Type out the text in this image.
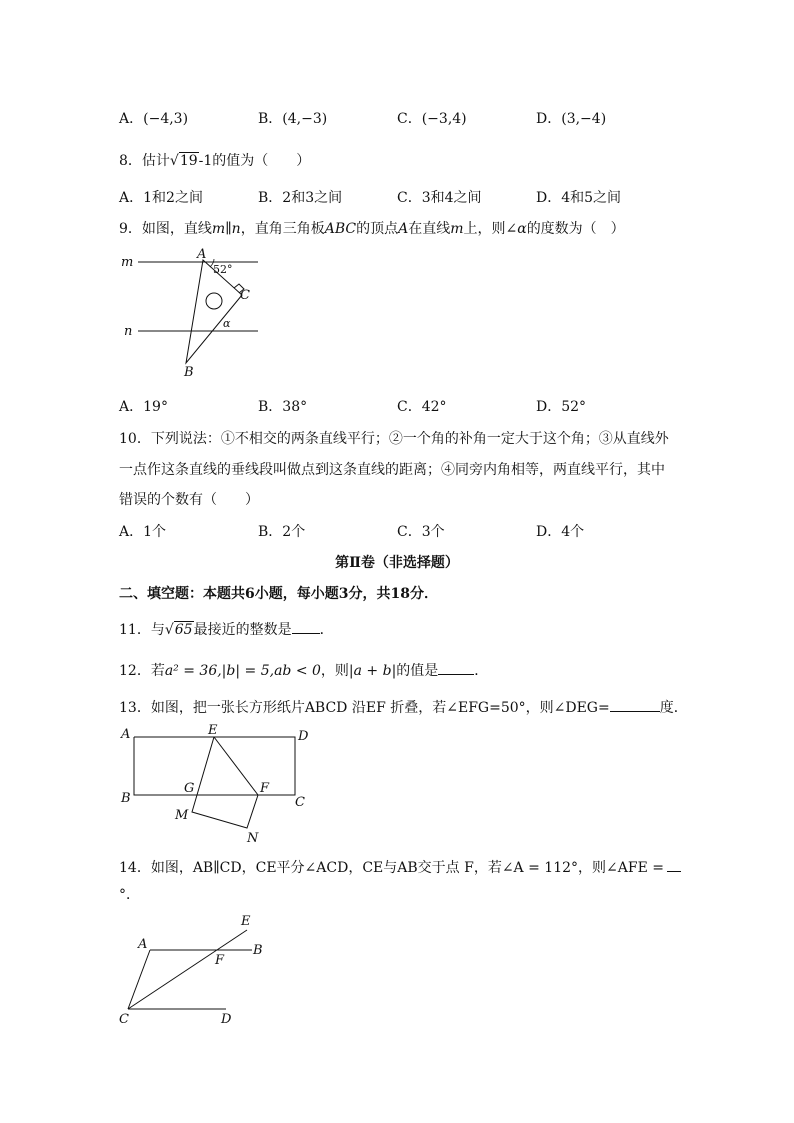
A．(−4,3)	B．(4,−3)	C．(−3,4)	D．(3,−4)
8．估计√19-1的值为（　　）
A．1和2之间	B．2和3之间	C．3和4之间	D．4和5之间
9．如图，直线m∥n，直角三角板ABC的顶点A在直线m上，则∠α的度数为（　）
m
n
A
C
B
52°
α
A．19°	B．38°	C．42°	D．52°
10．下列说法：①不相交的两条直线平行；②一个角的补角一定大于这个角；③从直线外
一点作这条直线的垂线段叫做点到这条直线的距离；④同旁内角相等，两直线平行，其中
错误的个数有（　　）
A．1个	B．2个	C．3个	D．4个
第Ⅱ卷（非选择题）
二、填空题：本题共6小题，每小题3分，共18分．
11．与√65最接近的整数是 ．
12．若a² = 36,|b| = 5,ab < 0，则|a + b|的值是	．
13．如图，把一张长方形纸片ABCD 沿EF 折叠，若∠EFG=50°，则∠DEG=	度．
A
B	C
D
E
F
G
M
N
14．如图，AB∥CD，CE平分∠ACD，CE与AB交于点 F，若∠A = 112°，则∠AFE =
°．
A	B
C	D
E
F
